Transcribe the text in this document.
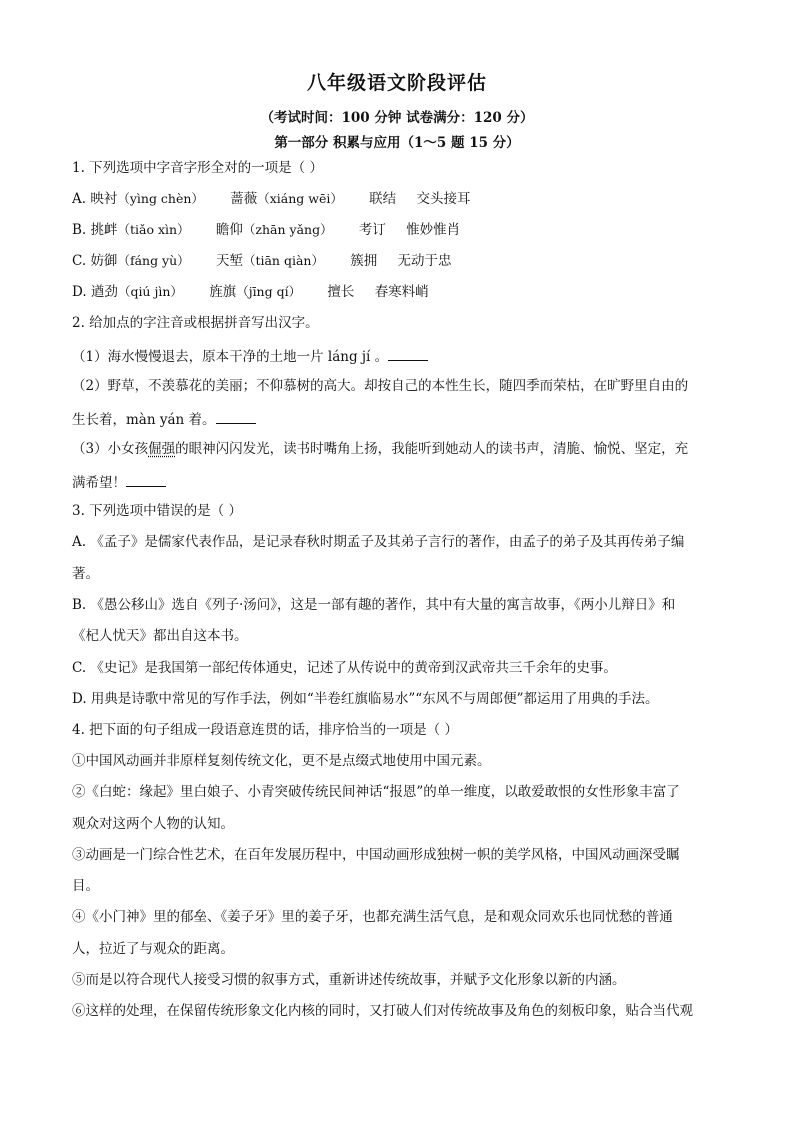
八年级语文阶段评估
（考试时间：100 分钟 试卷满分：120 分）
第一部分 积累与应用（1～5 题 15 分）
1. 下列选项中字音字形全对的一项是（ ）
A. 映衬（yìng chèn） 蔷薇（xiáng wēi） 联结 交头接耳
B. 挑衅（tiǎo xìn） 瞻仰（zhān yǎng） 考订 惟妙惟肖
C. 妨御（fáng yù） 天堑（tiān qiàn） 簇拥 无动于忠
D. 遒劲（qiú jìn） 旌旗（jīng qí） 擅长 春寒料峭
2. 给加点的字注音或根据拼音写出汉字。
（1）海水慢慢退去，原本干净的土地一片 láng jí 。
（2）野草，不羡慕花的美丽；不仰慕树的高大。却按自己的本性生长，随四季而荣枯，在旷野里自由的
生长着，màn yán 着。
（3）小女孩倔强的眼神闪闪发光，读书时嘴角上扬，我能听到她动人的读书声，清脆、愉悦、坚定，充
满希望！
3. 下列选项中错误的是（ ）
A. 《孟子》是儒家代表作品，是记录春秋时期孟子及其弟子言行的著作，由孟子的弟子及其再传弟子编
著。
B. 《愚公移山》选自《列子·汤问》，这是一部有趣的著作，其中有大量的寓言故事，《两小儿辩日》和
《杞人忧天》都出自这本书。
C. 《史记》是我国第一部纪传体通史，记述了从传说中的黄帝到汉武帝共三千余年的史事。
D. 用典是诗歌中常见的写作手法，例如“半卷红旗临易水”“东风不与周郎便”都运用了用典的手法。
4. 把下面的句子组成一段语意连贯的话，排序恰当的一项是（ ）
①中国风动画并非原样复刻传统文化，更不是点缀式地使用中国元素。
②《白蛇：缘起》里白娘子、小青突破传统民间神话“报恩”的单一维度，以敢爱敢恨的女性形象丰富了
观众对这两个人物的认知。
③动画是一门综合性艺术，在百年发展历程中，中国动画形成独树一帜的美学风格，中国风动画深受瞩
目。
④《小门神》里的郁垒、《姜子牙》里的姜子牙，也都充满生活气息，是和观众同欢乐也同忧愁的普通
人，拉近了与观众的距离。
⑤而是以符合现代人接受习惯的叙事方式，重新讲述传统故事，并赋予文化形象以新的内涵。
⑥这样的处理，在保留传统形象文化内核的同时，又打破人们对传统故事及角色的刻板印象，贴合当代观
